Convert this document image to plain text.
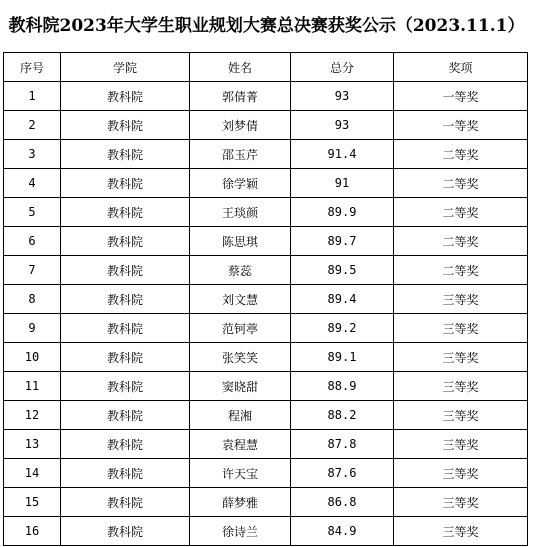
教科院2023年大学生职业规划大赛总决赛获奖公示（2023.11.1）
序号	学院	姓名	总分	奖项
1	教科院	郭倩菁	93	一等奖
2	教科院	刘梦倩	93	一等奖
3	教科院	邵玉芹	91.4	二等奖
4	教科院	徐学颖	91	二等奖
5	教科院	王琰颜	89.9	二等奖
6	教科院	陈思琪	89.7	二等奖
7	教科院	蔡蕊	89.5	二等奖
8	教科院	刘文慧	89.4	三等奖
9	教科院	范钶葶	89.2	三等奖
10	教科院	张笑笑	89.1	三等奖
11	教科院	窦晓甜	88.9	三等奖
12	教科院	程湘	88.2	三等奖
13	教科院	袁程慧	87.8	三等奖
14	教科院	许天宝	87.6	三等奖
15	教科院	薛梦雅	86.8	三等奖
16	教科院	徐诗兰	84.9	三等奖
